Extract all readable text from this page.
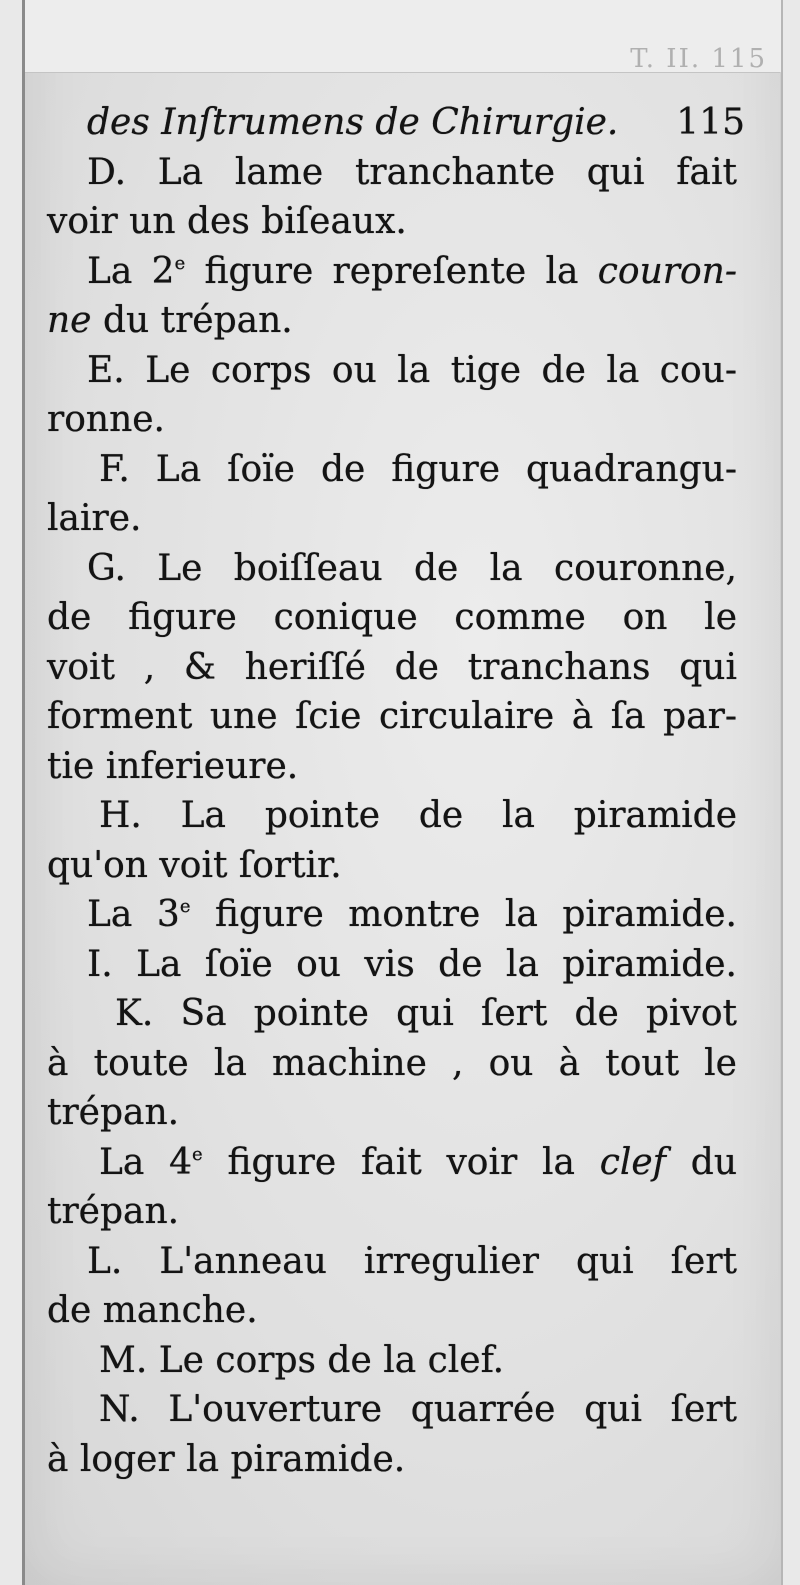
T. II. 115
des Inſtrumens de Chirurgie. 115
D. La lame tranchante qui fait
voir un des biſeaux.
La 2e figure repreſente la couron-
ne du trépan.
E. Le corps ou la tige de la cou-
ronne.
F. La ſoïe de figure quadrangu-
laire.
G. Le boiſſeau de la couronne,
de figure conique comme on le
voit , & heriſſé de tranchans qui
forment une ſcie circulaire à ſa par-
tie inferieure.
H. La pointe de la piramide
qu'on voit ſortir.
La 3e figure montre la piramide.
I. La ſoïe ou vis de la piramide.
K. Sa pointe qui ſert de pivot
à toute la machine , ou à tout le
trépan.
La 4e figure fait voir la clef du
trépan.
L. L'anneau irregulier qui ſert
de manche.
M. Le corps de la clef.
N. L'ouverture quarrée qui ſert
à loger la piramide.
